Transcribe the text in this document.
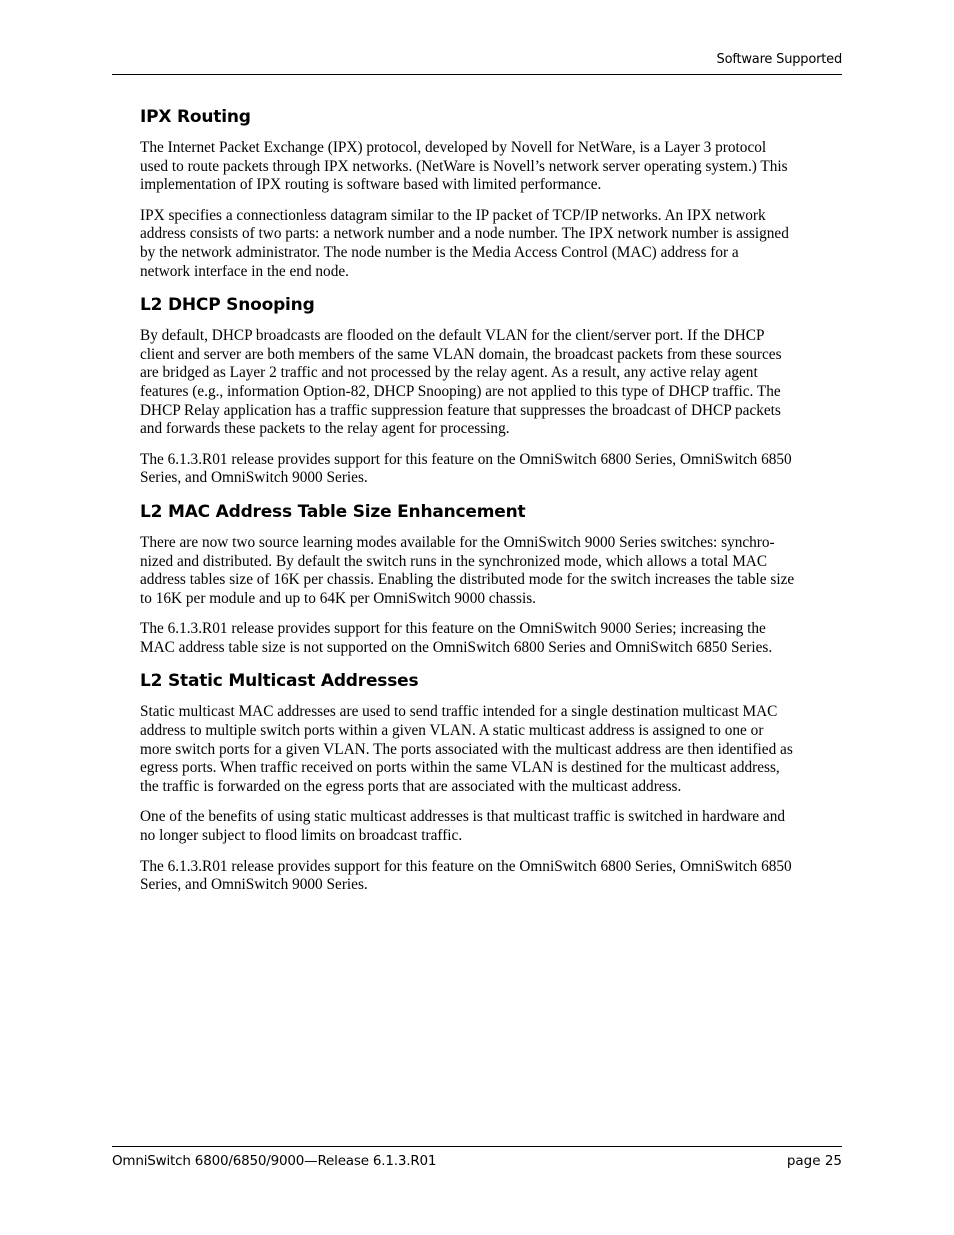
Software Supported
IPX Routing

The Internet Packet Exchange (IPX) protocol, developed by Novell for NetWare, is a Layer 3 protocol
used to route packets through IPX networks. (NetWare is Novell’s network server operating system.) This
implementation of IPX routing is software based with limited performance.

IPX specifies a connectionless datagram similar to the IP packet of TCP/IP networks. An IPX network
address consists of two parts: a network number and a node number. The IPX network number is assigned
by the network administrator. The node number is the Media Access Control (MAC) address for a
network interface in the end node.

L2 DHCP Snooping

By default, DHCP broadcasts are flooded on the default VLAN for the client/server port. If the DHCP
client and server are both members of the same VLAN domain, the broadcast packets from these sources
are bridged as Layer 2 traffic and not processed by the relay agent. As a result, any active relay agent
features (e.g., information Option-82, DHCP Snooping) are not applied to this type of DHCP traffic. The
DHCP Relay application has a traffic suppression feature that suppresses the broadcast of DHCP packets
and forwards these packets to the relay agent for processing.

The 6.1.3.R01 release provides support for this feature on the OmniSwitch 6800 Series, OmniSwitch 6850
Series, and OmniSwitch 9000 Series.

L2 MAC Address Table Size Enhancement

There are now two source learning modes available for the OmniSwitch 9000 Series switches: synchro-
nized and distributed. By default the switch runs in the synchronized mode, which allows a total MAC
address tables size of 16K per chassis. Enabling the distributed mode for the switch increases the table size
to 16K per module and up to 64K per OmniSwitch 9000 chassis.

The 6.1.3.R01 release provides support for this feature on the OmniSwitch 9000 Series; increasing the
MAC address table size is not supported on the OmniSwitch 6800 Series and OmniSwitch 6850 Series.

L2 Static Multicast Addresses

Static multicast MAC addresses are used to send traffic intended for a single destination multicast MAC
address to multiple switch ports within a given VLAN. A static multicast address is assigned to one or
more switch ports for a given VLAN. The ports associated with the multicast address are then identified as
egress ports. When traffic received on ports within the same VLAN is destined for the multicast address,
the traffic is forwarded on the egress ports that are associated with the multicast address.

One of the benefits of using static multicast addresses is that multicast traffic is switched in hardware and
no longer subject to flood limits on broadcast traffic.

The 6.1.3.R01 release provides support for this feature on the OmniSwitch 6800 Series, OmniSwitch 6850
Series, and OmniSwitch 9000 Series.

OmniSwitch 6800/6850/9000—Release 6.1.3.R01	page 25
